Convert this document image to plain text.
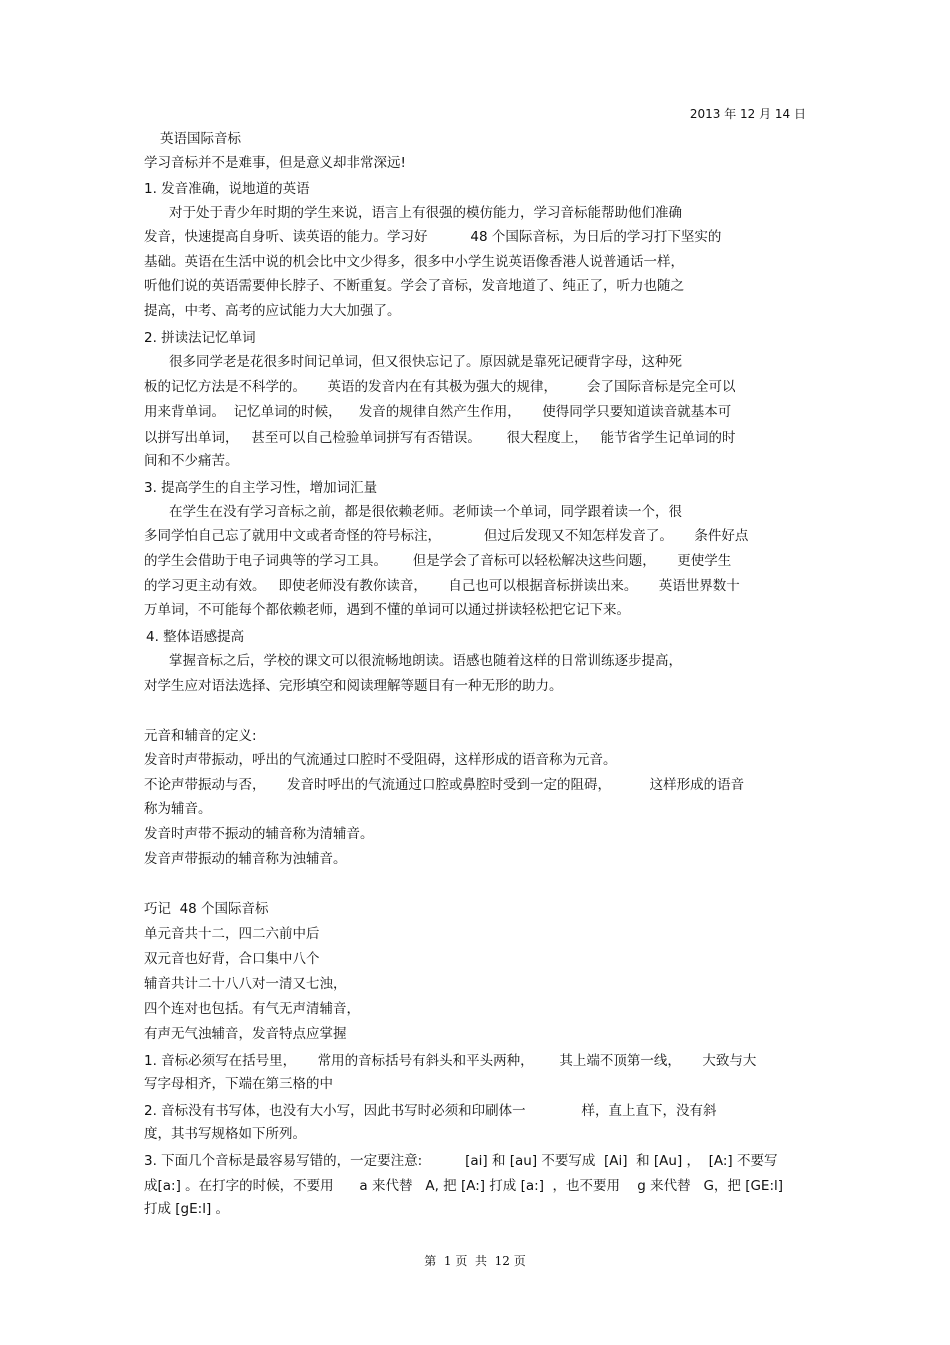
2013 年 12 月 14 日
英语国际音标
学习音标并不是难事，但是意义却非常深远!
1. 发音准确，说地道的英语
对于处于青少年时期的学生来说，语言上有很强的模仿能力，学习音标能帮助他们准确
发音，快速提高自身听、读英语的能力。学习好          48 个国际音标，为日后的学习打下坚实的
基础。英语在生活中说的机会比中文少得多，很多中小学生说英语像香港人说普通话一样，
听他们说的英语需要伸长脖子、不断重复。学会了音标，发音地道了、纯正了，听力也随之
提高，中考、高考的应试能力大大加强了。
2. 拼读法记忆单词
很多同学老是花很多时间记单词，但又很快忘记了。原因就是靠死记硬背字母，这种死
板的记忆方法是不科学的。     英语的发音内在有其极为强大的规律，       会了国际音标是完全可以
用来背单词。  记忆单词的时候，    发音的规律自然产生作用，     使得同学只要知道读音就基本可
以拼写出单词，   甚至可以自己检验单词拼写有否错误。      很大程度上，   能节省学生记单词的时
间和不少痛苦。
3. 提高学生的自主学习性，增加词汇量
在学生在没有学习音标之前，都是很依赖老师。老师读一个单词，同学跟着读一个，很
多同学怕自己忘了就用中文或者奇怪的符号标注，          但过后发现又不知怎样发音了。     条件好点
的学生会借助于电子词典等的学习工具。      但是学会了音标可以轻松解决这些问题，     更使学生
的学习更主动有效。   即使老师没有教你读音，     自己也可以根据音标拼读出来。     英语世界数十
万单词，不可能每个都依赖老师，遇到不懂的单词可以通过拼读轻松把它记下来。
4. 整体语感提高
掌握音标之后，学校的课文可以很流畅地朗读。语感也随着这样的日常训练逐步提高，
对学生应对语法选择、完形填空和阅读理解等题目有一种无形的助力。
元音和辅音的定义:
发音时声带振动，呼出的气流通过口腔时不受阻碍，这样形成的语音称为元音。
不论声带振动与否，     发音时呼出的气流通过口腔或鼻腔时受到一定的阻碍，         这样形成的语音
称为辅音。
发音时声带不振动的辅音称为清辅音。
发音声带振动的辅音称为浊辅音。
巧记  48 个国际音标
单元音共十二，四二六前中后
双元音也好背，合口集中八个
辅音共计二十八八对一清又七浊，
四个连对也包括。有气无声清辅音，
有声无气浊辅音，发音特点应掌握
1. 音标必须写在括号里，     常用的音标括号有斜头和平头两种，      其上端不顶第一线，     大致与大
写字母相齐，下端在第三格的中
2. 音标没有书写体，也没有大小写，因此书写时必须和印刷体一             样，直上直下，没有斜
度，其书写规格如下所列。
3. 下面几个音标是最容易写错的，一定要注意:          [ai] 和 [au] 不要写成  [Ai]  和 [Au] ，  [A:] 不要写
成[a:] 。在打字的时候，不要用      a 来代替   A, 把 [A:] 打成 [a:]  ，也不要用    g 来代替   G，把 [GE:l]
打成 [gE:l] 。
第  1 页  共  12 页
